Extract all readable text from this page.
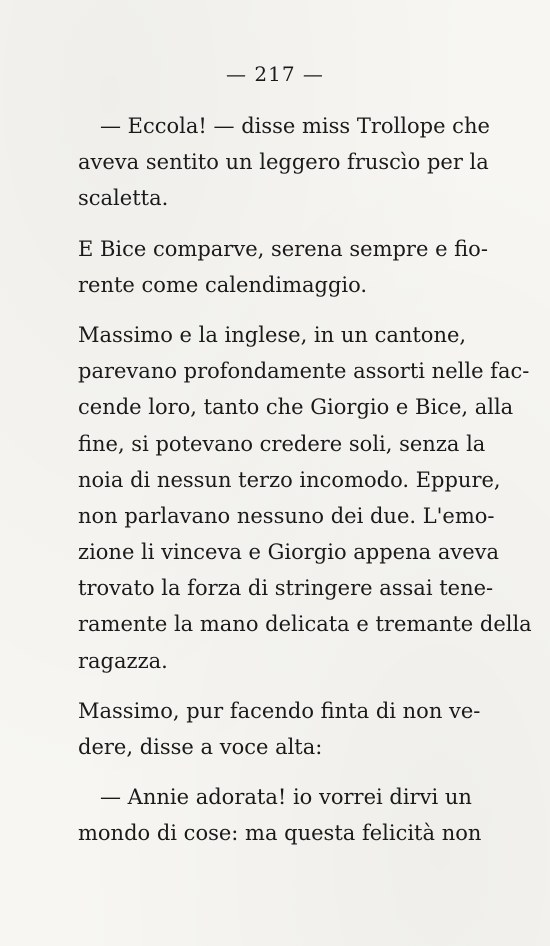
— 217 —
— Eccola! — disse miss Trollope che
aveva sentito un leggero fruscìo per la
scaletta.
E Bice comparve, serena sempre e fio-
rente come calendimaggio.
Massimo e la inglese, in un cantone,
parevano profondamente assorti nelle fac-
cende loro, tanto che Giorgio e Bice, alla
fine, si potevano credere soli, senza la
noia di nessun terzo incomodo. Eppure,
non parlavano nessuno dei due. L'emo-
zione li vinceva e Giorgio appena aveva
trovato la forza di stringere assai tene-
ramente la mano delicata e tremante della
ragazza.
Massimo, pur facendo finta di non ve-
dere, disse a voce alta:
— Annie adorata! io vorrei dirvi un
mondo di cose: ma questa felicità non
